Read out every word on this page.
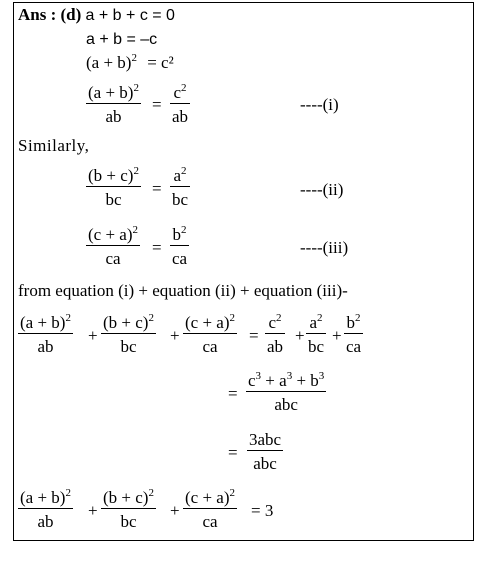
Ans : (d) a + b + c = 0
a + b = –c
$(a + b)^2 = c^2$
$\frac{(a + b)^2}{ab} = \frac{c^2}{ab}$	----(i)
Similarly,
$\frac{(b + c)^2}{bc} = \frac{a^2}{bc}$	----(ii)
$\frac{(c + a)^2}{ca} = \frac{b^2}{ca}$	----(iii)
from equation (i) + equation (ii) + equation (iii)-
$\frac{(a + b)^2}{ab} + \frac{(b + c)^2}{bc} + \frac{(c + a)^2}{ca} = \frac{c^2}{ab} + \frac{a^2}{bc} + \frac{b^2}{ca}$
=
$c^3 + a^3 + b^3$
abc
=
3abc
abc
$\frac{(a + b)^2}{ab} + \frac{(b + c)^2}{bc} + \frac{(c + a)^2}{ca} = 3$
